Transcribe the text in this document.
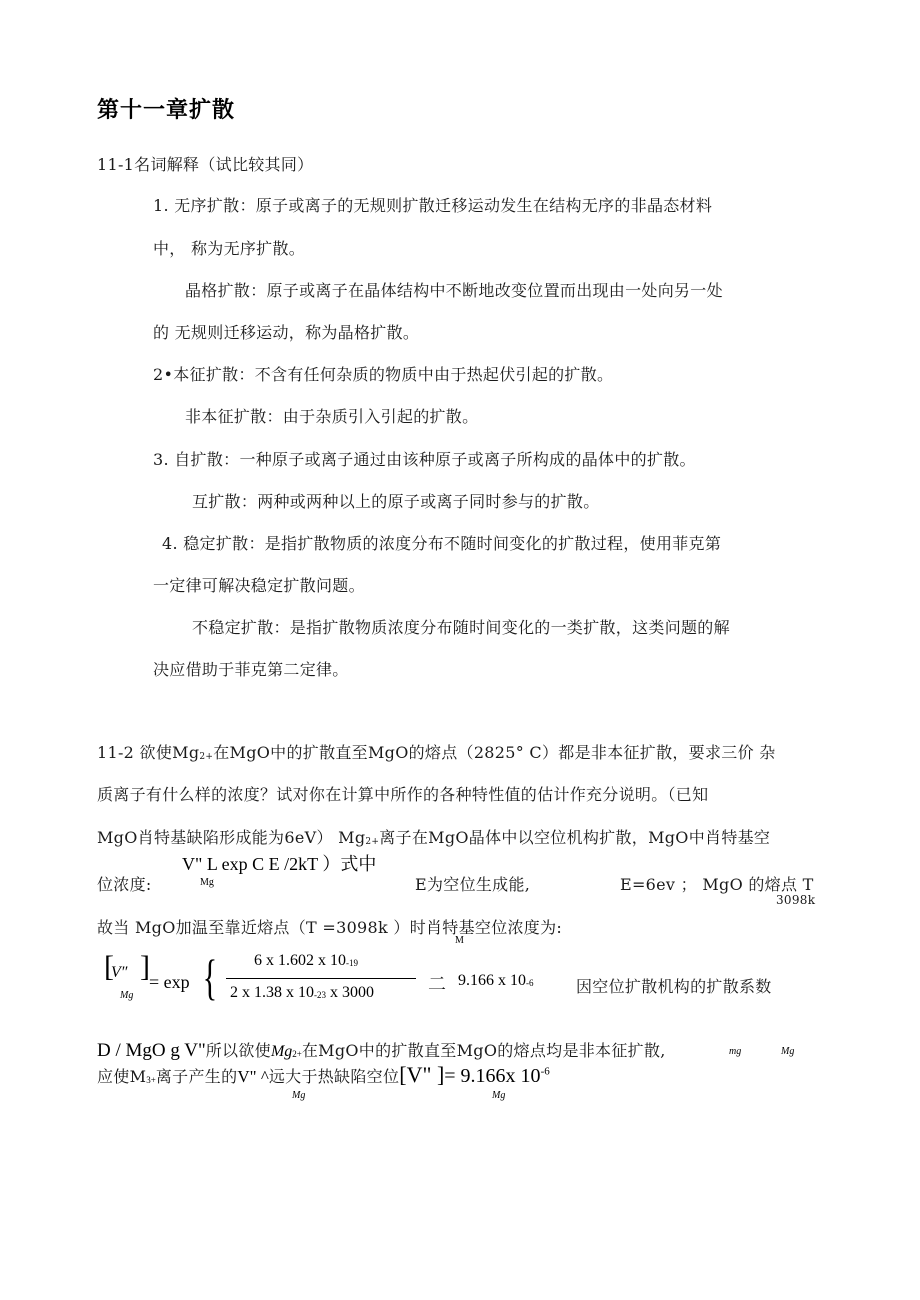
第十一章扩散
11-1名词解释（试比较其同）
1. 无序扩散：原子或离子的无规则扩散迁移运动发生在结构无序的非晶态材料
中， 称为无序扩散。
晶格扩散：原子或离子在晶体结构中不断地改变位置而出现由一处向另一处
的 无规则迁移运动，称为晶格扩散。
2•本征扩散：不含有任何杂质的物质中由于热起伏引起的扩散。
非本征扩散：由于杂质引入引起的扩散。
3. 自扩散：一种原子或离子通过由该种原子或离子所构成的晶体中的扩散。
互扩散：两种或两种以上的原子或离子同时参与的扩散。
4. 稳定扩散：是指扩散物质的浓度分布不随时间变化的扩散过程，使用菲克第
一定律可解决稳定扩散问题。
不稳定扩散：是指扩散物质浓度分布随时间变化的一类扩散，这类问题的解
决应借助于菲克第二定律。
11-2 欲使Mg2+在MgO中的扩散直至MgO的熔点（2825° C）都是非本征扩散，要求三价 杂
质离子有什么样的浓度？试对你在计算中所作的各种特性值的估计作充分说明。（已知
MgO肖特基缺陷形成能为6eV） Mg2+离子在MgO晶体中以空位机构扩散，MgO中肖特基空
V" L exp C E /2kT ）式中
位浓度:	Mg	E为空位生成能,	E=6ev ； MgO 的熔点 T
3098k
故当 MgO加温至靠近熔点（T =3098k ）时肖特基空位浓度为:
M
[
V″
Mg
] = exp { 6 x 1.602 x 10-19
2 x 1.38 x 10-23 x 3000	二 9.166 x 10-6	因空位扩散机构的扩散系数
D / MgO g V"所以欲使Mg2+在MgO中的扩散直至MgO的熔点均是非本征扩散,	mg	Mg
应使M3+离子产生的V" ^远大于热缺陷空位[V" ]= 9.166x $10^{-6}$
Mg	Mg
